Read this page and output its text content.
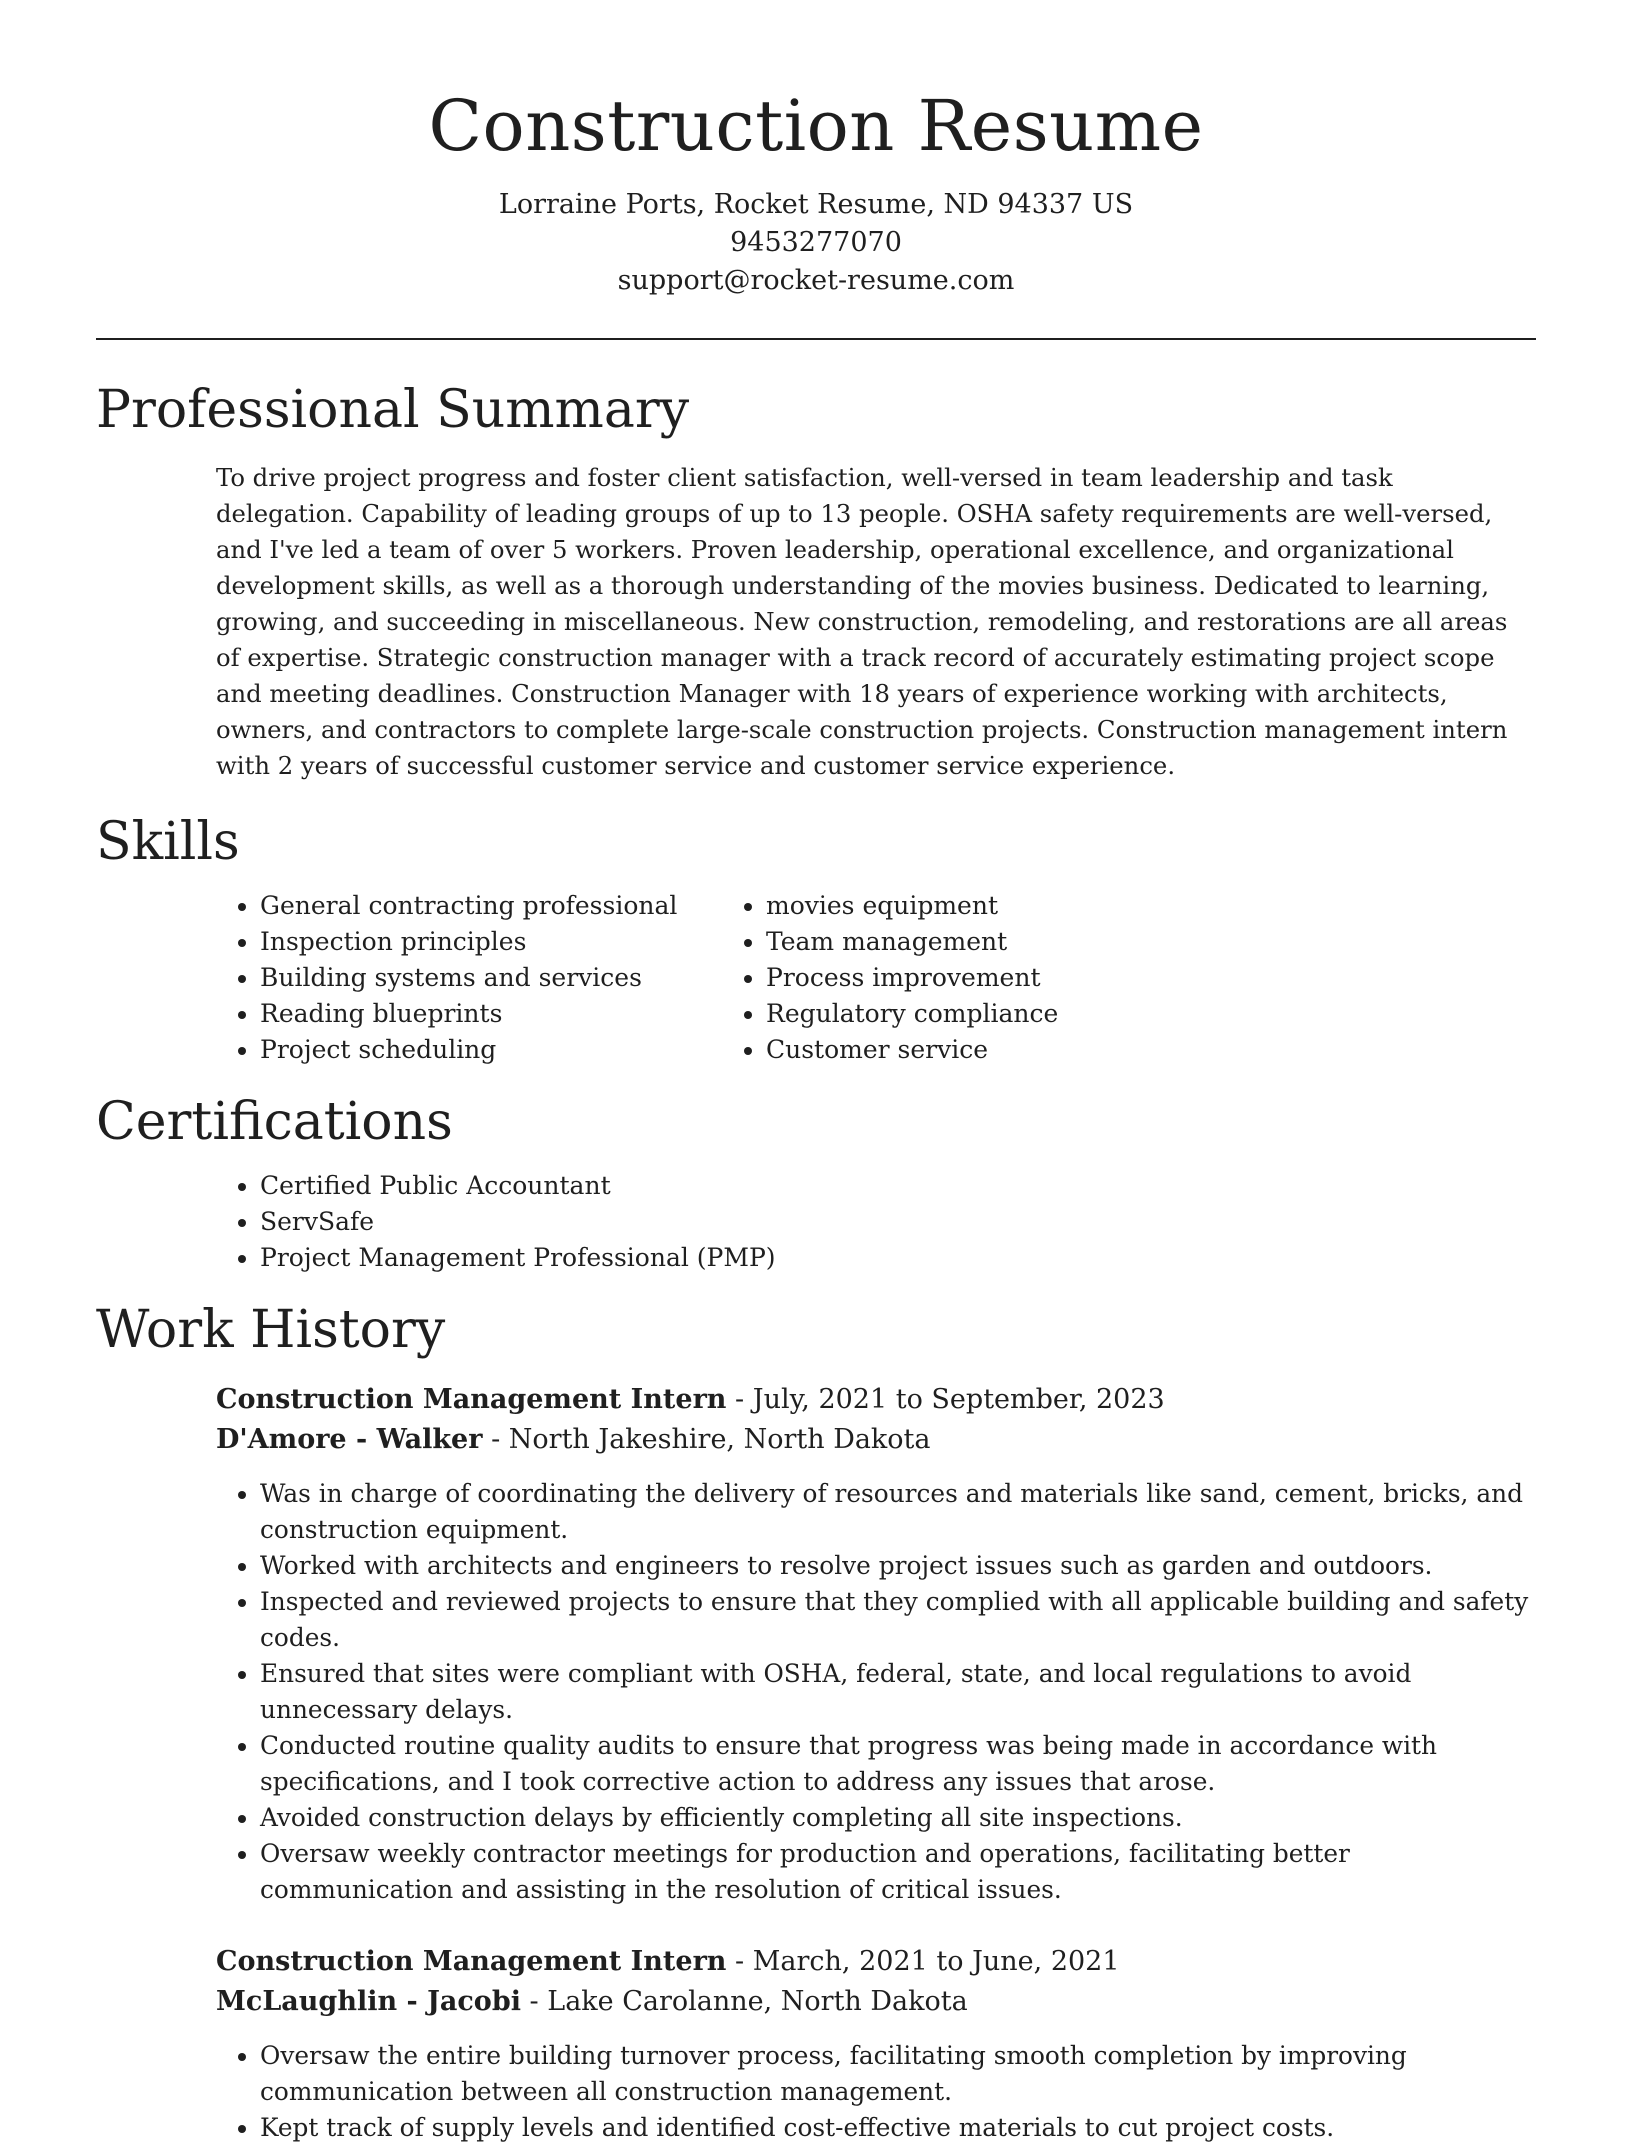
Construction Resume
Lorraine Ports, Rocket Resume, ND 94337 US
9453277070
support@rocket-resume.com
Professional Summary

To drive project progress and foster client satisfaction, well-versed in team leadership and task delegation. Capability of leading groups of up to 13 people. OSHA safety requirements are well-versed, and I've led a team of over 5 workers. Proven leadership, operational excellence, and organizational development skills, as well as a thorough understanding of the movies business. Dedicated to learning, growing, and succeeding in miscellaneous. New construction, remodeling, and restorations are all areas of expertise. Strategic construction manager with a track record of accurately estimating project scope and meeting deadlines. Construction Manager with 18 years of experience working with architects, owners, and contractors to complete large-scale construction projects. Construction management intern with 2 years of successful customer service and customer service experience.

Skills
• General contracting professional
• Inspection principles
• Building systems and services
• Reading blueprints
• Project scheduling
• movies equipment
• Team management
• Process improvement
• Regulatory compliance
• Customer service
Certifications
• Certified Public Accountant
• ServSafe
• Project Management Professional (PMP)
Work History
Construction Management Intern - July, 2021 to September, 2023
D'Amore - Walker - North Jakeshire, North Dakota
• Was in charge of coordinating the delivery of resources and materials like sand, cement, bricks, and construction equipment.
• Worked with architects and engineers to resolve project issues such as garden and outdoors.
• Inspected and reviewed projects to ensure that they complied with all applicable building and safety codes.
• Ensured that sites were compliant with OSHA, federal, state, and local regulations to avoid unnecessary delays.
• Conducted routine quality audits to ensure that progress was being made in accordance with specifications, and I took corrective action to address any issues that arose.
• Avoided construction delays by efficiently completing all site inspections.
• Oversaw weekly contractor meetings for production and operations, facilitating better communication and assisting in the resolution of critical issues.
Construction Management Intern - March, 2021 to June, 2021
McLaughlin - Jacobi - Lake Carolanne, North Dakota
• Oversaw the entire building turnover process, facilitating smooth completion by improving communication between all construction management.
• Kept track of supply levels and identified cost-effective materials to cut project costs.
